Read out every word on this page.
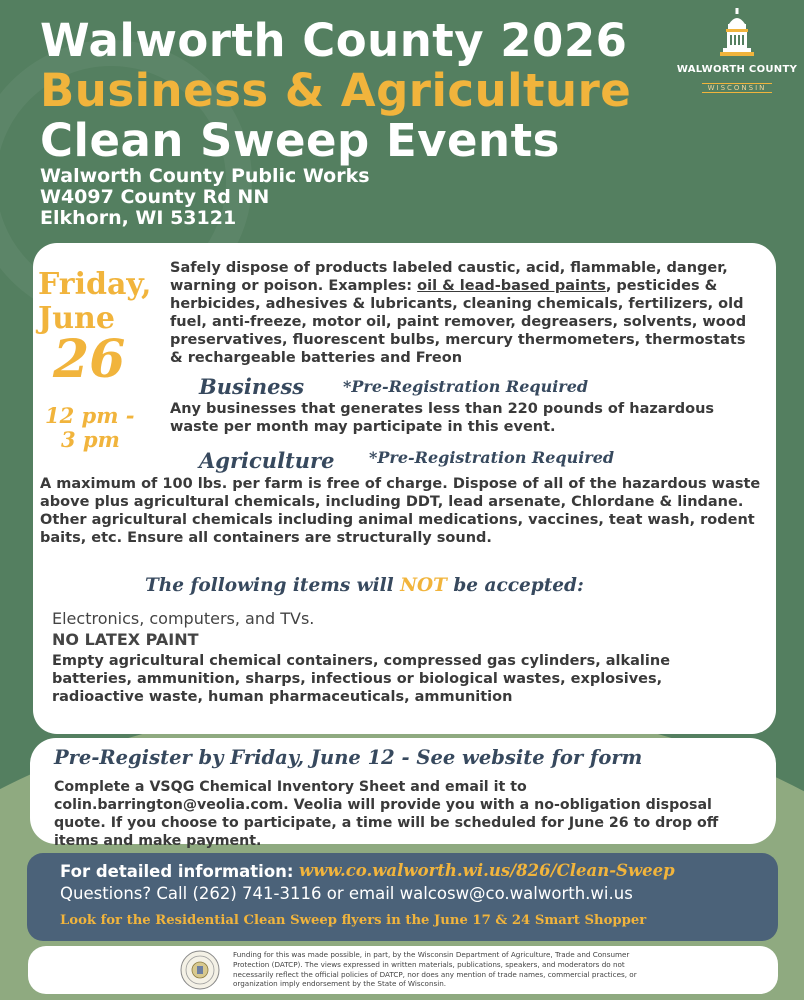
Walworth County 2026
Business & Agriculture
Clean Sweep Events
Walworth County Public Works
W4097 County Rd NN
Elkhorn, WI 53121
WALWORTH COUNTY
WISCONSIN
Friday,
June
26
12 pm -
3 pm
Safely dispose of products labeled caustic, acid, flammable, danger, warning or poison. Examples: oil & lead-based paints, pesticides & herbicides, adhesives & lubricants, cleaning chemicals, fertilizers, old fuel, anti-freeze, motor oil, paint remover, degreasers, solvents, wood preservatives, fluorescent bulbs, mercury thermometers, thermostats & rechargeable batteries and Freon
Business *Pre-Registration Required
Any businesses that generates less than 220 pounds of hazardous waste per month may participate in this event.
Agriculture *Pre-Registration Required
A maximum of 100 lbs. per farm is free of charge. Dispose of all of the hazardous waste above plus agricultural chemicals, including DDT, lead arsenate, Chlordane & lindane. Other agricultural chemicals including animal medications, vaccines, teat wash, rodent baits, etc. Ensure all containers are structurally sound.
The following items will NOT be accepted:
Electronics, computers, and TVs.
NO LATEX PAINT
Empty agricultural chemical containers, compressed gas cylinders, alkaline batteries, ammunition, sharps, infectious or biological wastes, explosives, radioactive waste, human pharmaceuticals, ammunition
Pre-Register by Friday, June 12 - See website for form
Complete a VSQG Chemical Inventory Sheet and email it to colin.barrington@veolia.com. Veolia will provide you with a no-obligation disposal quote. If you choose to participate, a time will be scheduled for June 26 to drop off items and make payment.
For detailed information: www.co.walworth.wi.us/826/Clean-Sweep
Questions? Call (262) 741-3116 or email walcosw@co.walworth.wi.us
Look for the Residential Clean Sweep flyers in the June 17 & 24 Smart Shopper
Funding for this was made possible, in part, by the Wisconsin Department of Agriculture, Trade and Consumer Protection (DATCP). The views expressed in written materials, publications, speakers, and moderators do not necessarily reflect the official policies of DATCP, nor does any mention of trade names, commercial practices, or organization imply endorsement by the State of Wisconsin.
